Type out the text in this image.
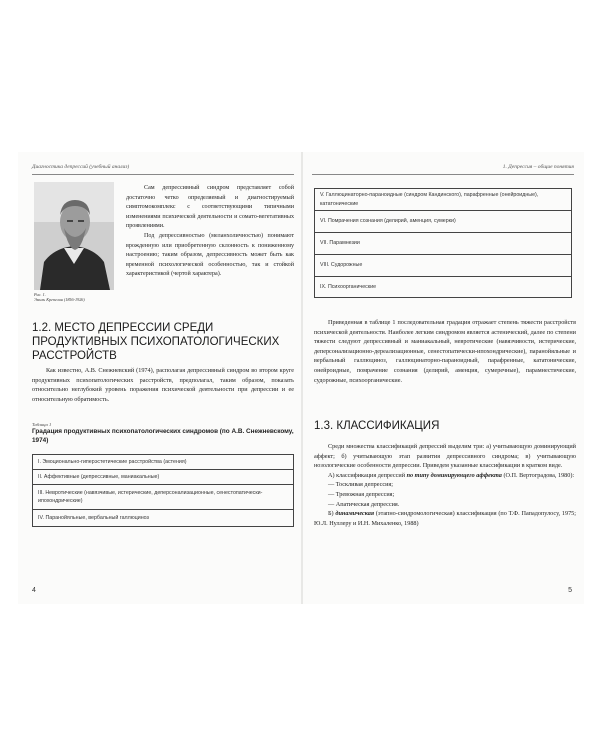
Диагностика депрессий (учебный анализ)
Рис. 1.
Эмиль Крепелин (1856-1926)

Сам депрессивный синдром представляет собой достаточно четко определяемый и диагностируемый симптомокомплекс с соответствующими типичными изменениями психической деятельности и сомато-вегетативных проявлениями.

Под депрессивностью (меланхоличностью) понимают врожденную или приобретенную склонность к пониженному настроению; таким образом, депрессивность может быть как временной психологической особенностью, так и стойкой характеристикой (чертой характера).

1.2. МЕСТО ДЕПРЕССИИ СРЕДИ ПРОДУКТИВНЫХ ПСИХОПАТОЛОГИЧЕСКИХ РАССТРОЙСТВ

Как известно, А.В. Снежневский (1974), располагая депрессивный синдром во втором круге продуктивных психопатологических расстройств, предполагал, таким образом, показать относительно неглубокий уровень поражения психической деятельности при депрессии и ее относительную обратимость.

Таблица 1
Градация продуктивных психопатологических синдромов (по А.В. Снежневскому, 1974)
I. Эмоционально-гиперэстетические расстройства (астения)
II. Аффективные (депрессивные, маниакальные)
III. Невротические (навязчивые, истерические, деперсонализационные, сенестопатически-ипохондрические)
IV. Паранойяльные, вербальный галлюциноз
4
1. Депрессия – общие понятия
V. Галлюцинаторно-параноидные (синдром Кандинского), парафренные (онейроидные), кататонические
VI. Помрачения сознания (делирий, аменция, сумерки)
VII. Парамнезии
VIII. Судорожные
IX. Психоорганические

Приведенная в таблице 1 последовательная градация отражает степень тяжести расстройств психической деятельности. Наиболее легким синдромом является астенический, далее по степени тяжести следуют депрессивный и маниакальный, невротические (навязчивости, истерические, деперсонализационно-дереализационные, сенестопатически-ипохондрические), паранойяльные и вербальный галлюциноз, галлюцинаторно-параноидный, парафренные, кататонические, онейроидные, помрачение сознания (делирий, аменция, сумеречные), парамнестические, судорожные, психоорганические.

1.3. КЛАССИФИКАЦИЯ

Среди множества классификаций депрессий выделим три: а) учитывающую доминирующий аффект; б) учитывающую этап развития депрессивного синдрома; в) учитывающую нозологические особенности депрессии. Приведем указанные классификации в кратком виде.

А) классификация депрессий по типу доминирующего аффекта (О.П. Вертоградова, 1980):

— Тоскливая депрессия;

— Тревожная депрессия;

— Апатическая депрессия.

Б) динамическая (этапно-синдромологическая) классификация (по Т.Ф. Пападопулосу, 1975; Ю.Л. Нуллеру и И.Н. Михаленко, 1988)

5
